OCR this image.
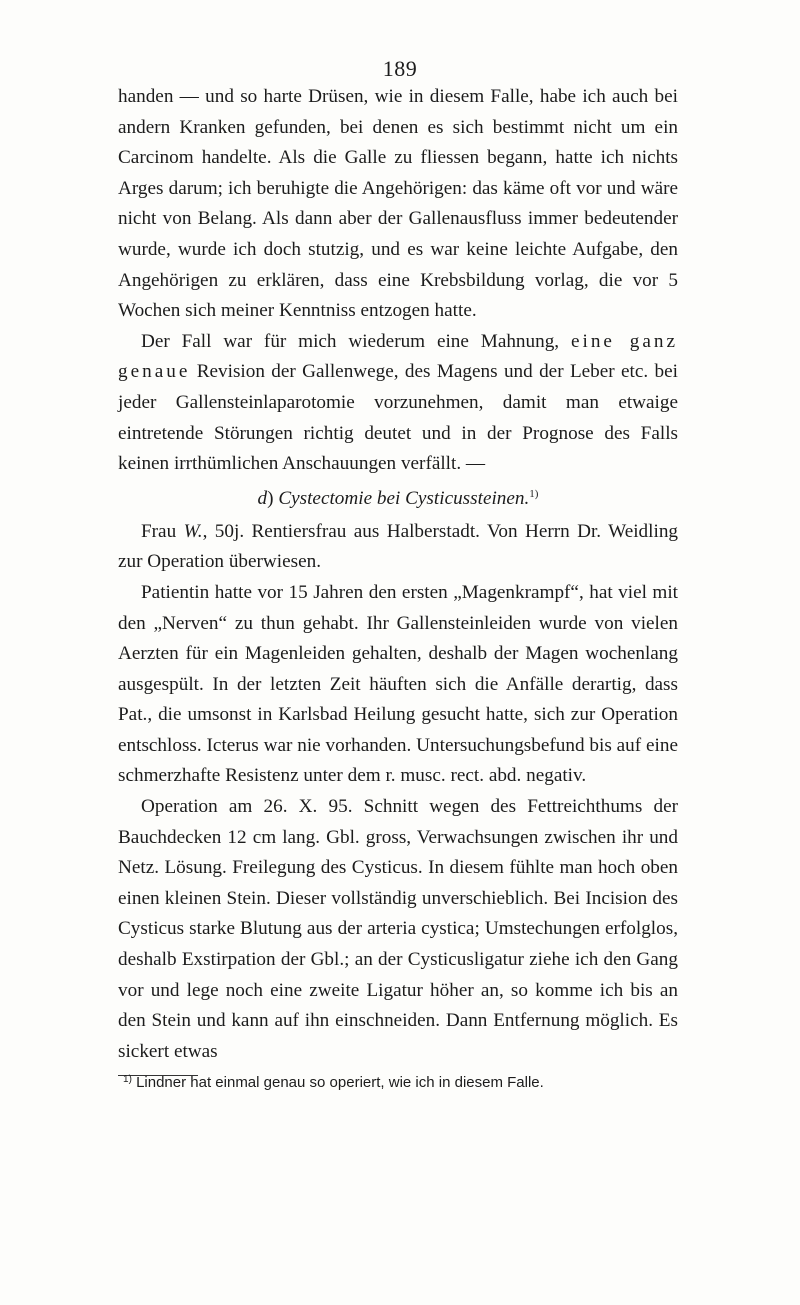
189

handen — und so harte Drüsen, wie in diesem Falle, habe ich auch bei andern Kranken gefunden, bei denen es sich bestimmt nicht um ein Carcinom handelte. Als die Galle zu fliessen begann, hatte ich nichts Arges darum; ich beruhigte die Angehörigen: das käme oft vor und wäre nicht von Belang. Als dann aber der Gallenausfluss immer bedeutender wurde, wurde ich doch stutzig, und es war keine leichte Aufgabe, den Angehörigen zu erklären, dass eine Krebsbildung vorlag, die vor 5 Wochen sich meiner Kenntniss entzogen hatte.

Der Fall war für mich wiederum eine Mahnung, eine ganz genaue Revision der Gallenwege, des Magens und der Leber etc. bei jeder Gallensteinlaparotomie vorzunehmen, damit man etwaige eintretende Störungen richtig deutet und in der Prognose des Falls keinen irrthümlichen Anschauungen verfällt. —

d) Cystectomie bei Cysticussteinen.$^{1)}$

Frau W., 50j. Rentiersfrau aus Halberstadt. Von Herrn Dr. Weidling zur Operation überwiesen.

Patientin hatte vor 15 Jahren den ersten „Magenkrampf“, hat viel mit den „Nerven“ zu thun gehabt. Ihr Gallensteinleiden wurde von vielen Aerzten für ein Magenleiden gehalten, deshalb der Magen wochenlang ausgespült. In der letzten Zeit häuften sich die Anfälle derartig, dass Pat., die umsonst in Karlsbad Heilung gesucht hatte, sich zur Operation entschloss. Icterus war nie vorhanden. Untersuchungsbefund bis auf eine schmerzhafte Resistenz unter dem r. musc. rect. abd. negativ.

Operation am 26. X. 95. Schnitt wegen des Fettreichthums der Bauchdecken 12 cm lang. Gbl. gross, Verwachsungen zwischen ihr und Netz. Lösung. Freilegung des Cysticus. In diesem fühlte man hoch oben einen kleinen Stein. Dieser vollständig unverschieblich. Bei Incision des Cysticus starke Blutung aus der arteria cystica; Umstechungen erfolglos, deshalb Exstirpation der Gbl.; an der Cysticusligatur ziehe ich den Gang vor und lege noch eine zweite Ligatur höher an, so komme ich bis an den Stein und kann auf ihn einschneiden. Dann Entfernung möglich. Es sickert etwas

$^{1)}$ Lindner hat einmal genau so operiert, wie ich in diesem Falle.
